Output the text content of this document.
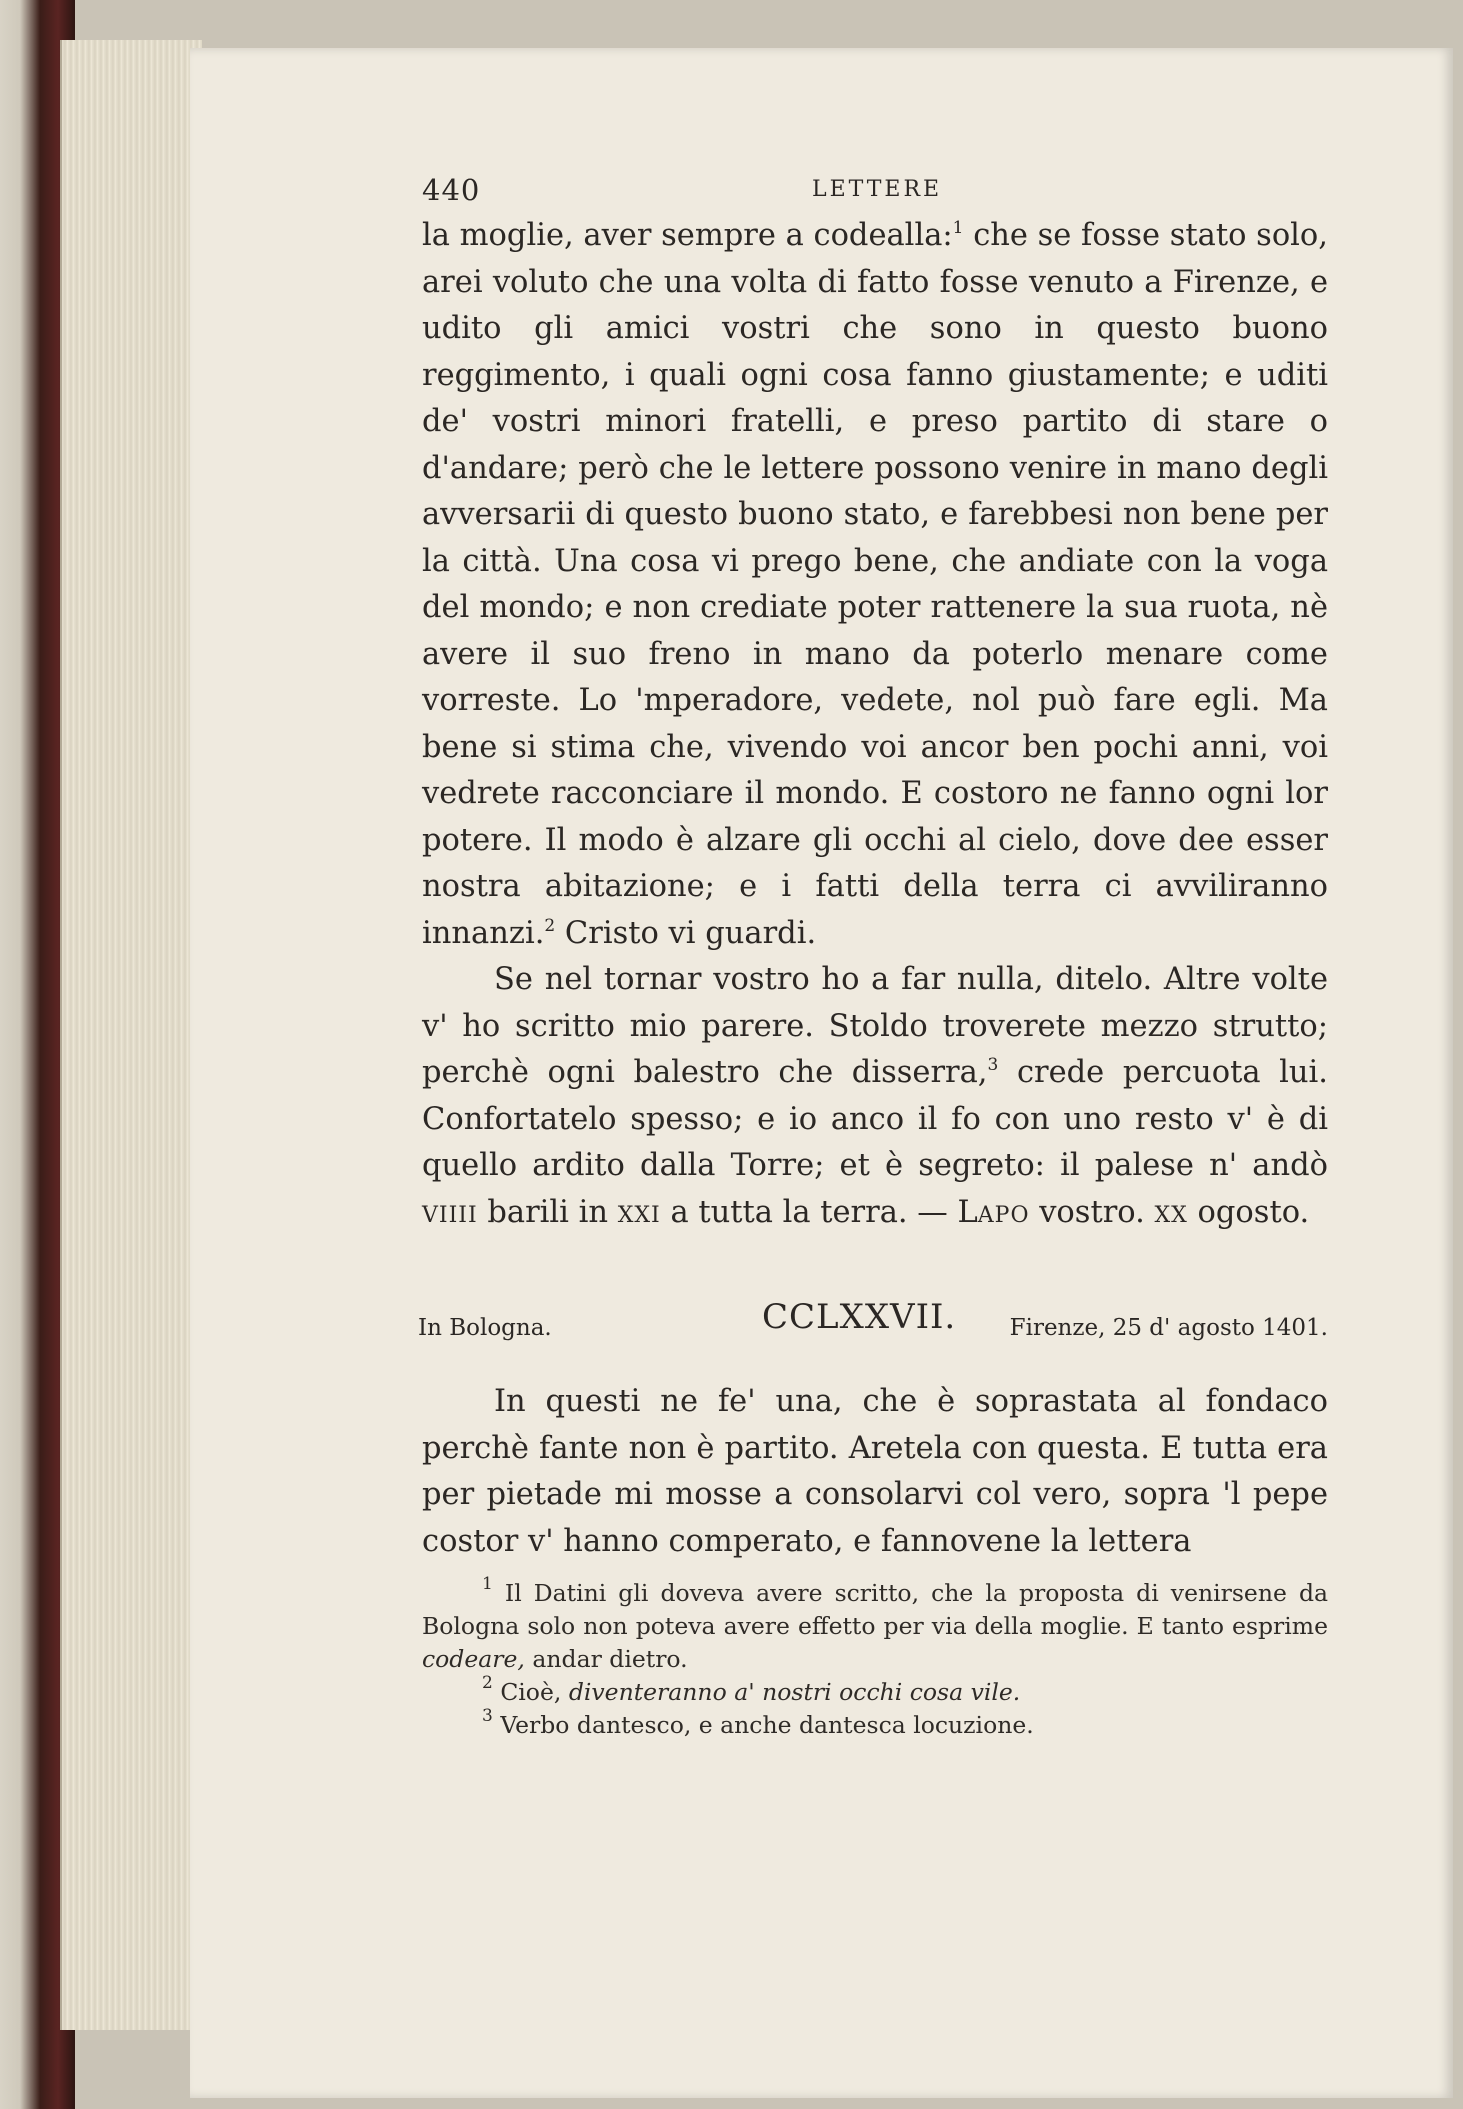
440	LETTERE

la moglie, aver sempre a codealla:$^1$ che se fosse stato solo, arei voluto che una volta di fatto fosse venuto a Firenze, e udito gli amici vostri che sono in questo buono reggimento, i quali ogni cosa fanno giustamente; e uditi de' vostri minori fratelli, e preso partito di stare o d'andare; però che le lettere possono venire in mano degli avversarii di questo buono stato, e farebbesi non bene per la città. Una cosa vi prego bene, che andiate con la voga del mondo; e non crediate poter rattenere la sua ruota, nè avere il suo freno in mano da poterlo menare come vorreste. Lo 'mperadore, vedete, nol può fare egli. Ma bene si stima che, vivendo voi ancor ben pochi anni, voi vedrete racconciare il mondo. E costoro ne fanno ogni lor potere. Il modo è alzare gli occhi al cielo, dove dee esser nostra abitazione; e i fatti della terra ci avviliranno innanzi.$^2$ Cristo vi guardi.

Se nel tornar vostro ho a far nulla, ditelo. Altre volte v' ho scritto mio parere. Stoldo troverete mezzo strutto; perchè ogni balestro che disserra,$^3$ crede percuota lui. Confortatelo spesso; e io anco il fo con uno resto v' è di quello ardito dalla Torre; et è segreto: il palese n' andò VIIII barili in XXI a tutta la terra. — LAPO vostro. XX ogosto.

In Bologna.	CCLXXVII. Firenze, 25 d' agosto 1401.

In questi ne fe' una, che è soprastata al fondaco perchè fante non è partito. Aretela con questa. E tutta era per pietade mi mosse a consolarvi col vero, sopra 'l pepe costor v' hanno comperato, e fannovene la lettera

$^1$ Il Datini gli doveva avere scritto, che la proposta di venirsene da Bologna solo non poteva avere effetto per via della moglie. E tanto esprime codeare, andar dietro.

$^2$ Cioè, diventeranno a' nostri occhi cosa vile.

$^3$ Verbo dantesco, e anche dantesca locuzione.
